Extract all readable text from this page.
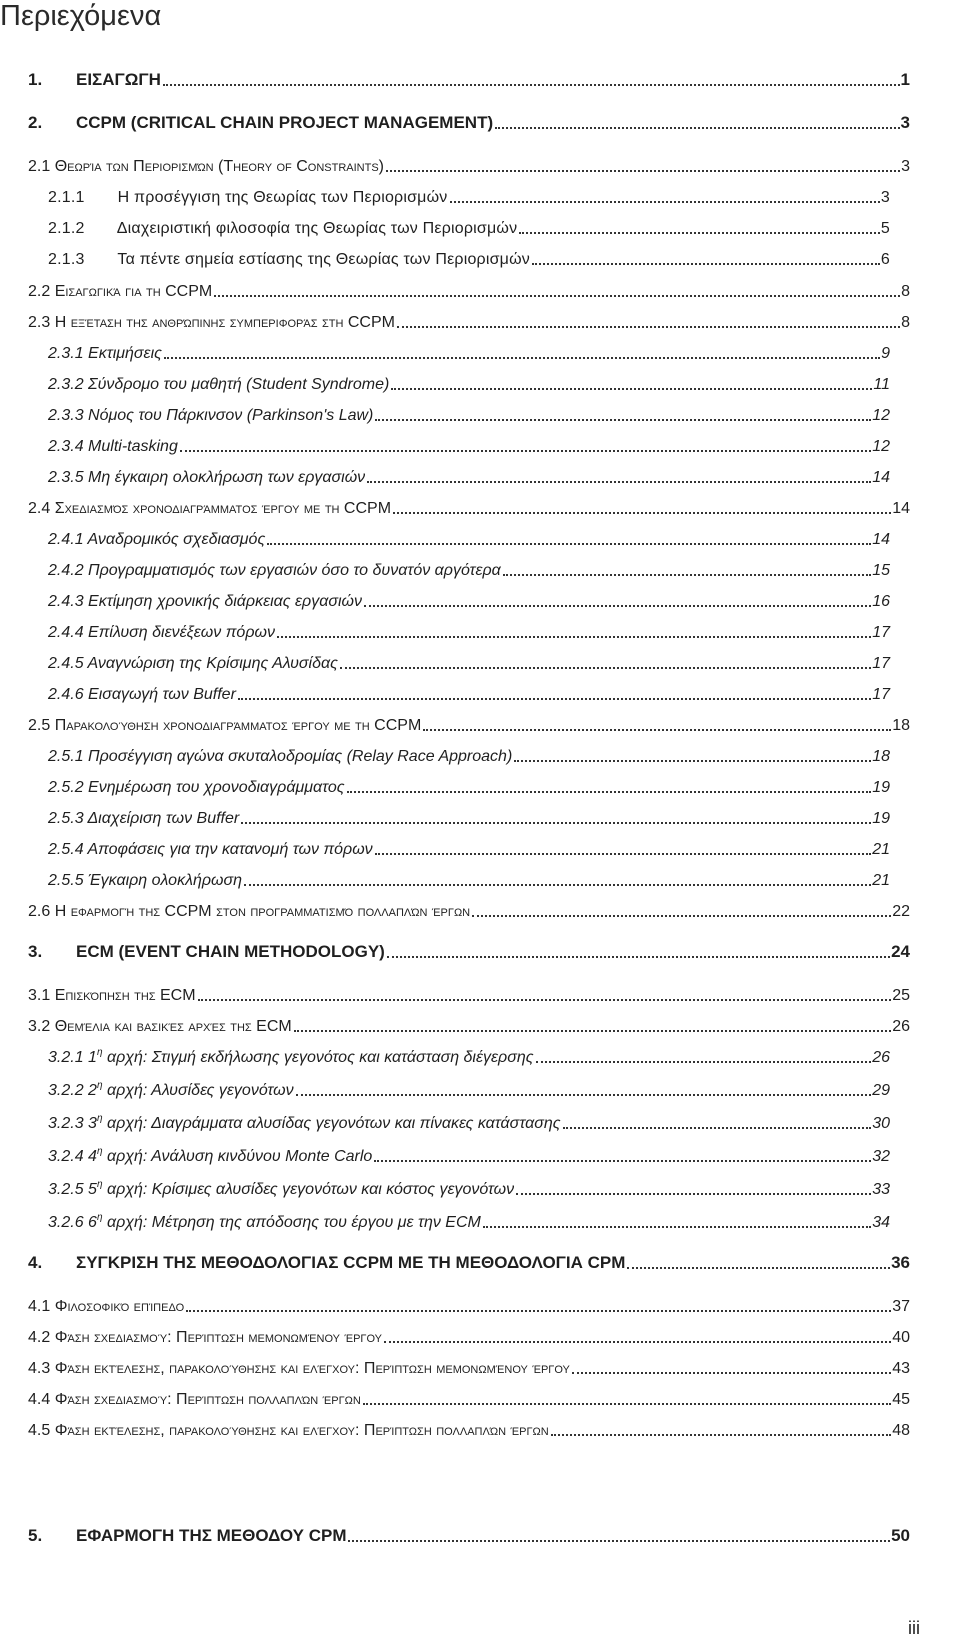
Περιεχόμενα
1. ΕΙΣΑΓΩΓΗ	1
2. CCPM (CRITICAL CHAIN PROJECT MANAGEMENT)	3
2.1 Θεωρία των Περιορισμών (Theory of Constraints)	3
2.1.1 Η προσέγγιση της Θεωρίας των Περιορισμών	3
2.1.2 Διαχειριστική φιλοσοφία της Θεωρίας των Περιορισμών	5
2.1.3 Τα πέντε σημεία εστίασης της Θεωρίας των Περιορισμών	6
2.2 Εισαγωγικά για τη CCPM	8
2.3 Η εξέταση της ανθρώπινης συμπεριφοράς στη CCPM	8
2.3.1 Εκτιμήσεις	9
2.3.2 Σύνδρομο του μαθητή (Student Syndrome)	11
2.3.3 Νόμος του Πάρκινσον (Parkinson's Law)	12
2.3.4 Multi-tasking	12
2.3.5 Μη έγκαιρη ολοκλήρωση των εργασιών	14
2.4 Σχεδιασμός χρονοδιαγράμματος έργου με τη CCPM	14
2.4.1 Αναδρομικός σχεδιασμός	14
2.4.2 Προγραμματισμός των εργασιών όσο το δυνατόν αργότερα	15
2.4.3 Εκτίμηση χρονικής διάρκειας εργασιών	16
2.4.4 Επίλυση διενέξεων πόρων	17
2.4.5 Αναγνώριση της Κρίσιμης Αλυσίδας	17
2.4.6 Εισαγωγή των Buffer	17
2.5 Παρακολούθηση χρονοδιαγράμματος έργου με τη CCPM	18
2.5.1 Προσέγγιση αγώνα σκυταλοδρομίας (Relay Race Approach)	18
2.5.2 Ενημέρωση του χρονοδιαγράμματος	19
2.5.3 Διαχείριση των Buffer	19
2.5.4 Αποφάσεις για την κατανομή των πόρων	21
2.5.5 Έγκαιρη ολοκλήρωση	21
2.6 Η εφαρμογή της CCPM στον προγραμματισμό πολλαπλών έργων	22
3. ECM (EVENT CHAIN METHODOLOGY)	24
3.1 Επισκόπηση της ECM	25
3.2 Θεμέλια και βασικές αρχές της ECM	26
3.2.1 $1^\eta$ αρχή: Στιγμή εκδήλωσης γεγονότος και κατάσταση διέγερσης	26
3.2.2 $2^\eta$ αρχή: Αλυσίδες γεγονότων	29
3.2.3 $3^\eta$ αρχή: Διαγράμματα αλυσίδας γεγονότων και πίνακες κατάστασης	30
3.2.4 $4^\eta$ αρχή: Ανάλυση κινδύνου Monte Carlo	32
3.2.5 $5^\eta$ αρχή: Κρίσιμες αλυσίδες γεγονότων και κόστος γεγονότων	33
3.2.6 $6^\eta$ αρχή: Μέτρηση της απόδοσης του έργου με την ECM	34
4. ΣΥΓΚΡΙΣΗ ΤΗΣ ΜΕΘΟΔΟΛΟΓΙΑΣ CCPM ΜΕ ΤΗ ΜΕΘΟΔΟΛΟΓΙΑ CPM	36
4.1 Φιλοσοφικό επίπεδο	37
4.2 Φάση σχεδιασμού: Περίπτωση μεμονωμένου έργου	40
4.3 Φάση εκτέλεσης, παρακολούθησης και ελέγχου: Περίπτωση μεμονωμένου έργου	43
4.4 Φάση σχεδιασμού: Περίπτωση πολλαπλών έργων	45
4.5 Φάση εκτέλεσης, παρακολούθησης και ελέγχου: Περίπτωση πολλαπλών έργων	48
5. ΕΦΑΡΜΟΓΗ ΤΗΣ ΜΕΘΟΔΟΥ CPM	50
iii
